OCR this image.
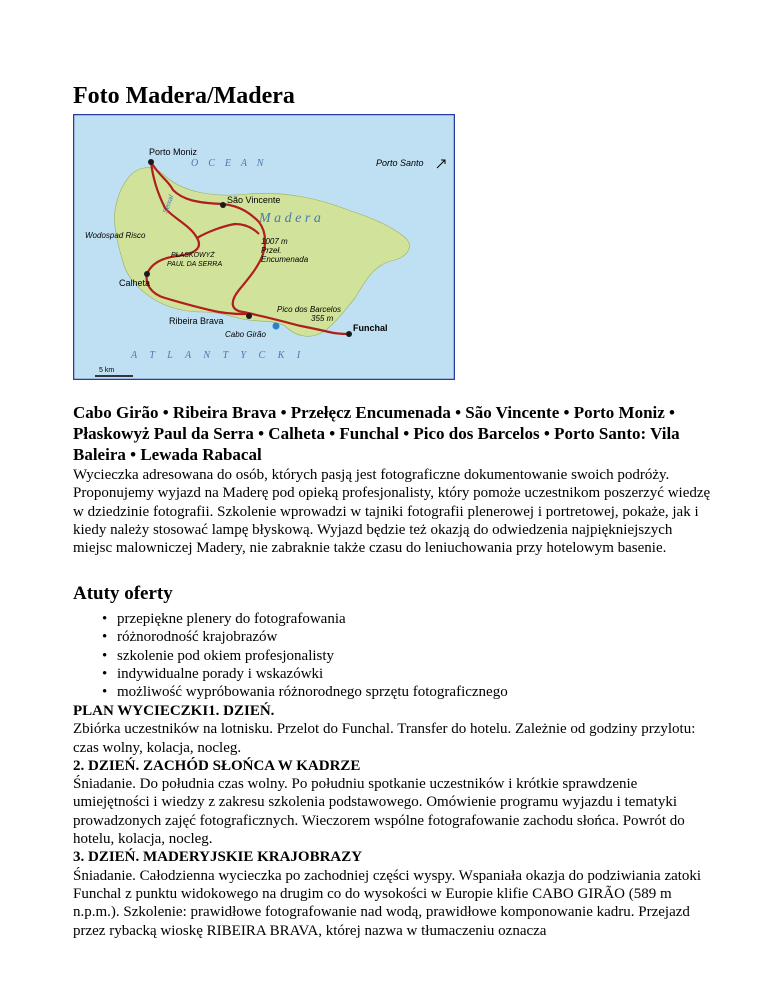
Foto Madera/Madera
Porto Moniz
O    C    E    A    N	Porto Santo
São Vincente
M a d e r a
Seixal
Wodospad Risco
PŁASKOWYŻ
PAUL DA SERRA
1007 m
Przeł.
Encumenada
Calheta
Pico dos Barcelos
355 m
Ribeira Brava
Cabo Girão
Funchal
A     T     L     A     N     T     Y     C     K     I
5 km
Cabo Girão • Ribeira Brava • Przełęcz Encumenada • São Vincente • Porto Moniz • Płaskowyż Paul da Serra • Calheta • Funchal • Pico dos Barcelos • Porto Santo: Vila Baleira • Lewada Rabacal

Wycieczka adresowana do osób, których pasją jest fotograficzne dokumentowanie swoich podróży. Proponujemy wyjazd na Maderę pod opieką profesjonalisty, który pomoże uczestnikom poszerzyć wiedzę w dziedzinie fotografii. Szkolenie wprowadzi w tajniki fotografii plenerowej i portretowej, pokaże, jak i kiedy należy stosować lampę błyskową. Wyjazd będzie też okazją do odwiedzenia najpiękniejszych miejsc malowniczej Madery, nie zabraknie także czasu do leniuchowania przy hotelowym basenie.

Atuty oferty
• przepiękne plenery do fotografowania
• różnorodność krajobrazów
• szkolenie pod okiem profesjonalisty
• indywidualne porady i wskazówki
• możliwość wypróbowania różnorodnego sprzętu fotograficznego

PLAN WYCIECZKI1. DZIEŃ.

Zbiórka uczestników na lotnisku. Przelot do Funchal. Transfer do hotelu. Zależnie od godziny przylotu: czas wolny, kolacja, nocleg.

2. DZIEŃ. ZACHÓD SŁOŃCA W KADRZE

Śniadanie. Do południa czas wolny. Po południu spotkanie uczestników i krótkie sprawdzenie umiejętności i wiedzy z zakresu szkolenia podstawowego. Omówienie programu wyjazdu i tematyki prowadzonych zajęć fotograficznych. Wieczorem wspólne fotografowanie zachodu słońca. Powrót do hotelu, kolacja, nocleg.

3. DZIEŃ. MADERYJSKIE KRAJOBRAZY

Śniadanie. Całodzienna wycieczka po zachodniej części wyspy. Wspaniała okazja do podziwiania zatoki Funchal z punktu widokowego na drugim co do wysokości w Europie klifie CABO GIRÃO (589 m n.p.m.). Szkolenie: prawidłowe fotografowanie nad wodą, prawidłowe komponowanie kadru. Przejazd przez rybacką wioskę RIBEIRA BRAVA, której nazwa w tłumaczeniu oznacza
